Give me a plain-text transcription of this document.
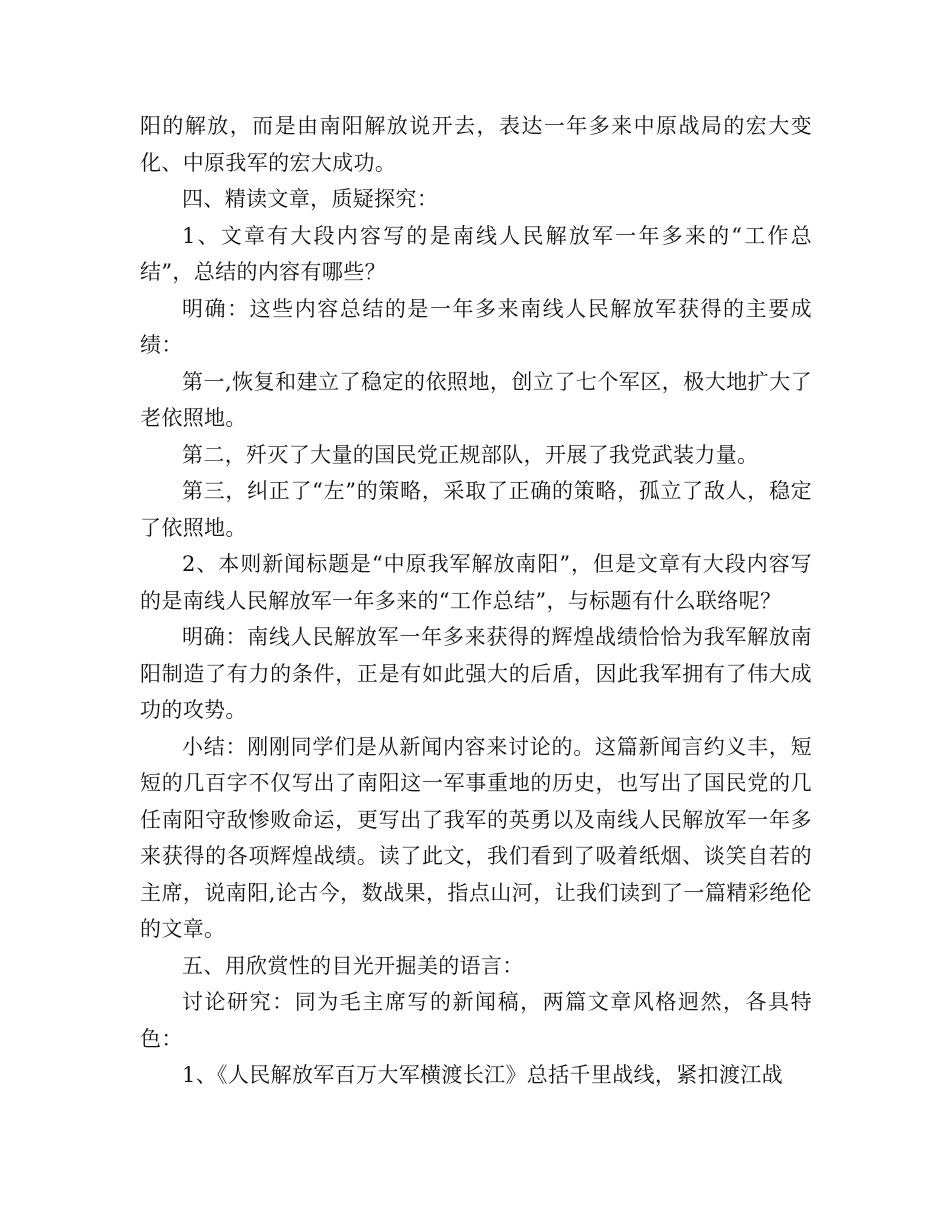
阳的解放，而是由南阳解放说开去，表达一年多来中原战局的宏大变化、中原我军的宏大成功。

四、精读文章，质疑探究：

1、文章有大段内容写的是南线人民解放军一年多来的“工作总结”，总结的内容有哪些？

明确：这些内容总结的是一年多来南线人民解放军获得的主要成绩：

第一,恢复和建立了稳定的依照地，创立了七个军区，极大地扩大了老依照地。

第二，歼灭了大量的国民党正规部队，开展了我党武装力量。

第三，纠正了“左”的策略，采取了正确的策略，孤立了敌人，稳定了依照地。

2、本则新闻标题是“中原我军解放南阳”，但是文章有大段内容写的是南线人民解放军一年多来的“工作总结”，与标题有什么联络呢？

明确：南线人民解放军一年多来获得的辉煌战绩恰恰为我军解放南阳制造了有力的条件，正是有如此强大的后盾，因此我军拥有了伟大成功的攻势。

小结：刚刚同学们是从新闻内容来讨论的。这篇新闻言约义丰，短短的几百字不仅写出了南阳这一军事重地的历史，也写出了国民党的几任南阳守敌惨败命运，更写出了我军的英勇以及南线人民解放军一年多来获得的各项辉煌战绩。读了此文，我们看到了吸着纸烟、谈笑自若的主席，说南阳,论古今，数战果，指点山河，让我们读到了一篇精彩绝伦的文章。

五、用欣赏性的目光开掘美的语言：

讨论研究：同为毛主席写的新闻稿，两篇文章风格迥然，各具特色：

1、《人民解放军百万大军横渡长江》总括千里战线，紧扣渡江战
